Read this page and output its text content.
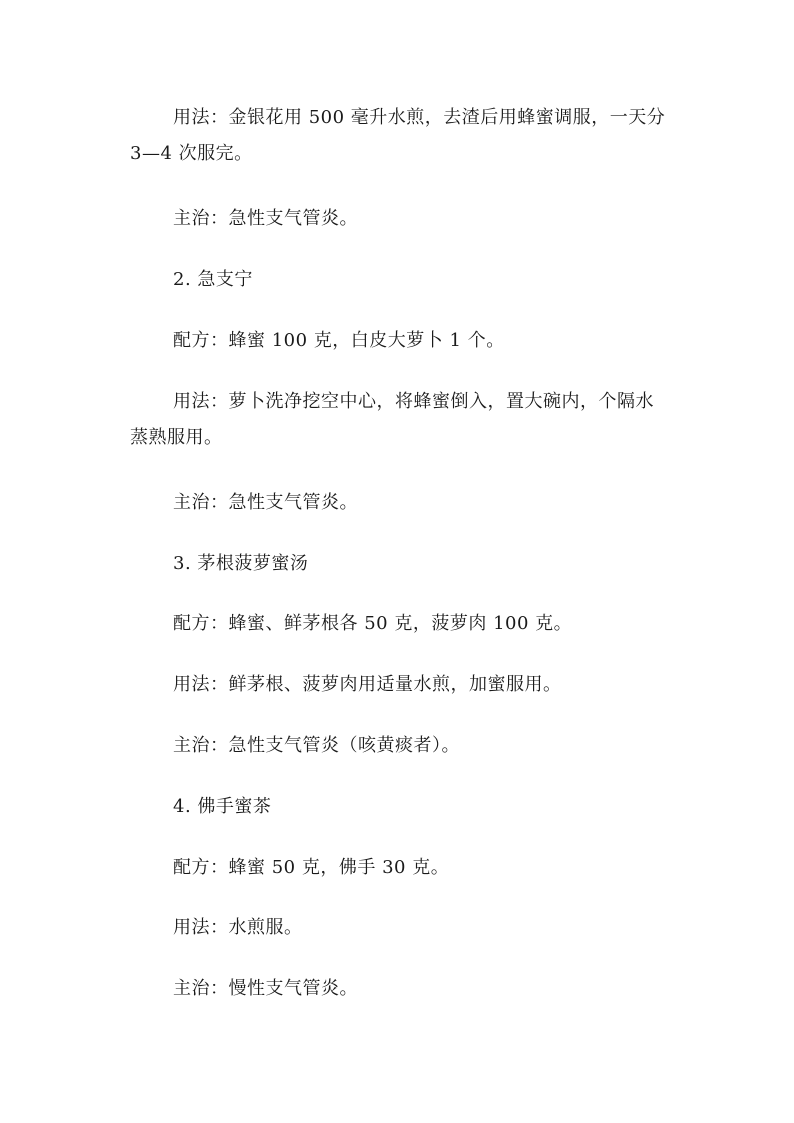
用法：金银花用 500 毫升水煎，去渣后用蜂蜜调服，一天分 3—4 次服完。

主治：急性支气管炎。

2. 急支宁

配方：蜂蜜 100 克，白皮大萝卜 1 个。

用法：萝卜洗净挖空中心，将蜂蜜倒入，置大碗内，个隔水蒸熟服用。

主治：急性支气管炎。

3. 茅根菠萝蜜汤

配方：蜂蜜、鲜茅根各 50 克，菠萝肉 100 克。

用法：鲜茅根、菠萝肉用适量水煎，加蜜服用。

主治：急性支气管炎（咳黄痰者）。

4. 佛手蜜茶

配方：蜂蜜 50 克，佛手 30 克。

用法：水煎服。

主治：慢性支气管炎。
